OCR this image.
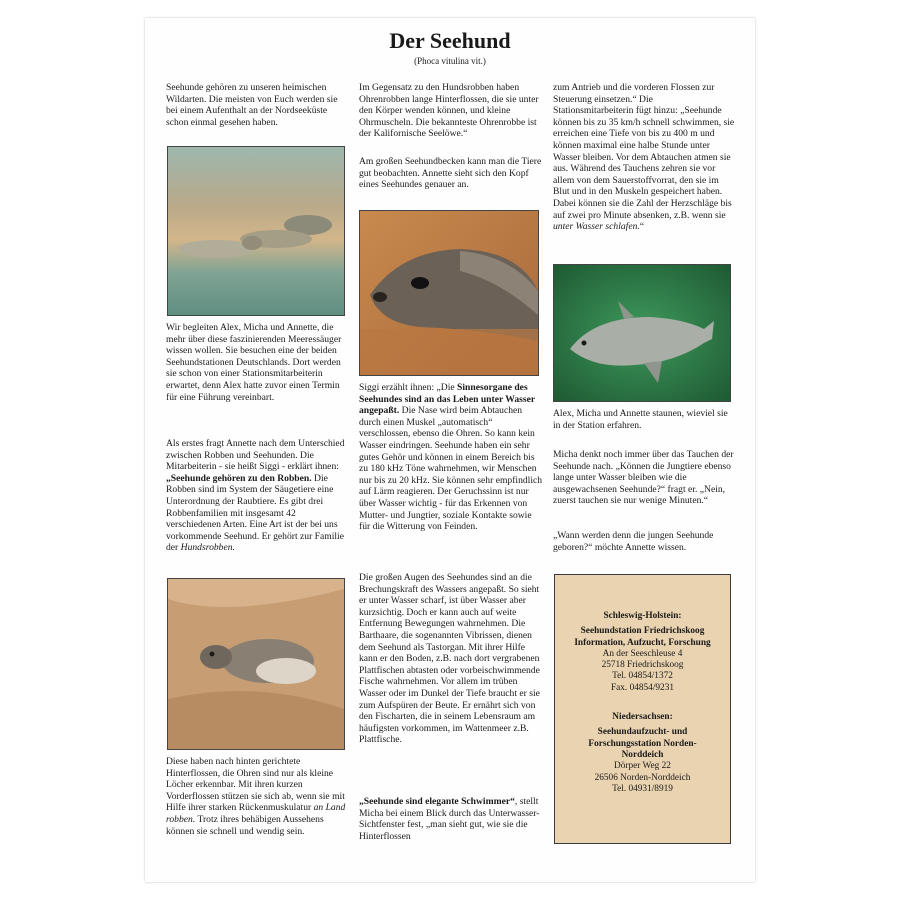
Der Seehund
(Phoca vitulina vit.)

Seehunde gehören zu unseren heimischen Wildarten. Die meisten von Euch werden sie bei einem Aufenthalt an der Nordseeküste schon einmal gesehen haben.

Wir begleiten Alex, Micha und Annette, die mehr über diese faszinierenden Meeressäuger wissen wollen. Sie besuchen eine der beiden Seehundstationen Deutschlands. Dort werden sie schon von einer Stationsmitarbeiterin erwartet, denn Alex hatte zuvor einen Termin für eine Führung vereinbart.

Als erstes fragt Annette nach dem Unterschied zwischen Robben und Seehunden. Die Mitarbeiterin - sie heißt Siggi - erklärt ihnen: „Seehunde gehören zu den Robben. Die Robben sind im System der Säugetiere eine Unterordnung der Raubtiere. Es gibt drei Robbenfamilien mit insgesamt 42 verschiedenen Arten. Eine Art ist der bei uns vorkommende Seehund. Er gehört zur Familie der Hundsrobben.

Diese haben nach hinten gerichtete Hinterflossen, die Ohren sind nur als kleine Löcher erkennbar. Mit ihren kurzen Vorderflossen stützen sie sich ab, wenn sie mit Hilfe ihrer starken Rückenmuskulatur an Land robben. Trotz ihres behäbigen Aussehens können sie schnell und wendig sein.

Im Gegensatz zu den Hundsrobben haben Ohrenrobben lange Hinterflossen, die sie unter den Körper wenden können, und kleine Ohrmuscheln. Die bekannteste Ohrenrobbe ist der Kalifornische Seelöwe.“

Am großen Seehundbecken kann man die Tiere gut beobachten. Annette sieht sich den Kopf eines Seehundes genauer an.

Siggi erzählt ihnen: „Die Sinnesorgane des Seehundes sind an das Leben unter Wasser angepaßt. Die Nase wird beim Abtauchen durch einen Muskel „automatisch“ verschlossen, ebenso die Ohren. So kann kein Wasser eindringen. Seehunde haben ein sehr gutes Gehör und können in einem Bereich bis zu 180 kHz Töne wahrnehmen, wir Menschen nur bis zu 20 kHz. Sie können sehr empfindlich auf Lärm reagieren. Der Geruchssinn ist nur über Wasser wichtig - für das Erkennen von Mutter- und Jungtier, soziale Kontakte sowie für die Witterung von Feinden.

Die großen Augen des Seehundes sind an die Brechungskraft des Wassers angepaßt. So sieht er unter Wasser scharf, ist über Wasser aber kurzsichtig. Doch er kann auch auf weite Entfernung Bewegungen wahrnehmen. Die Barthaare, die sogenannten Vibrissen, dienen dem Seehund als Tastorgan. Mit ihrer Hilfe kann er den Boden, z.B. nach dort vergrabenen Plattfischen abtasten oder vorbeischwimmende Fische wahrnehmen. Vor allem im trüben Wasser oder im Dunkel der Tiefe braucht er sie zum Aufspüren der Beute. Er ernährt sich von den Fischarten, die in seinem Lebensraum am häufigsten vorkommen, im Wattenmeer z.B. Plattfische.

„Seehunde sind elegante Schwimmer“, stellt Micha bei einem Blick durch das Unterwasser-Sichtfenster fest, „man sieht gut, wie sie die Hinterflossen

zum Antrieb und die vorderen Flossen zur Steuerung einsetzen.“ Die Stationsmitarbeiterin fügt hinzu: „Seehunde können bis zu 35 km/h schnell schwimmen, sie erreichen eine Tiefe von bis zu 400 m und können maximal eine halbe Stunde unter Wasser bleiben. Vor dem Abtauchen atmen sie aus. Während des Tauchens zehren sie vor allem von dem Sauerstoffvorrat, den sie im Blut und in den Muskeln gespeichert haben. Dabei können sie die Zahl der Herzschläge bis auf zwei pro Minute absenken, z.B. wenn sie unter Wasser schlafen.“

Alex, Micha und Annette staunen, wieviel sie in der Station erfahren.

Micha denkt noch immer über das Tauchen der Seehunde nach. „Können die Jungtiere ebenso lange unter Wasser bleiben wie die ausgewachsenen Seehunde?“ fragt er. „Nein, zuerst tauchen sie nur wenige Minuten.“

„Wann werden denn die jungen Seehunde geboren?“ möchte Annette wissen.

Schleswig-Holstein:
Seehundstation Friedrichskoog
Information, Aufzucht, Forschung
An der Seeschleuse 4
25718 Friedrichskoog
Tel. 04854/1372
Fax. 04854/9231
Niedersachsen:
Seehundaufzucht- und Forschungsstation Norden-Norddeich
Dörper Weg 22
26506 Norden-Norddeich
Tel. 04931/8919
